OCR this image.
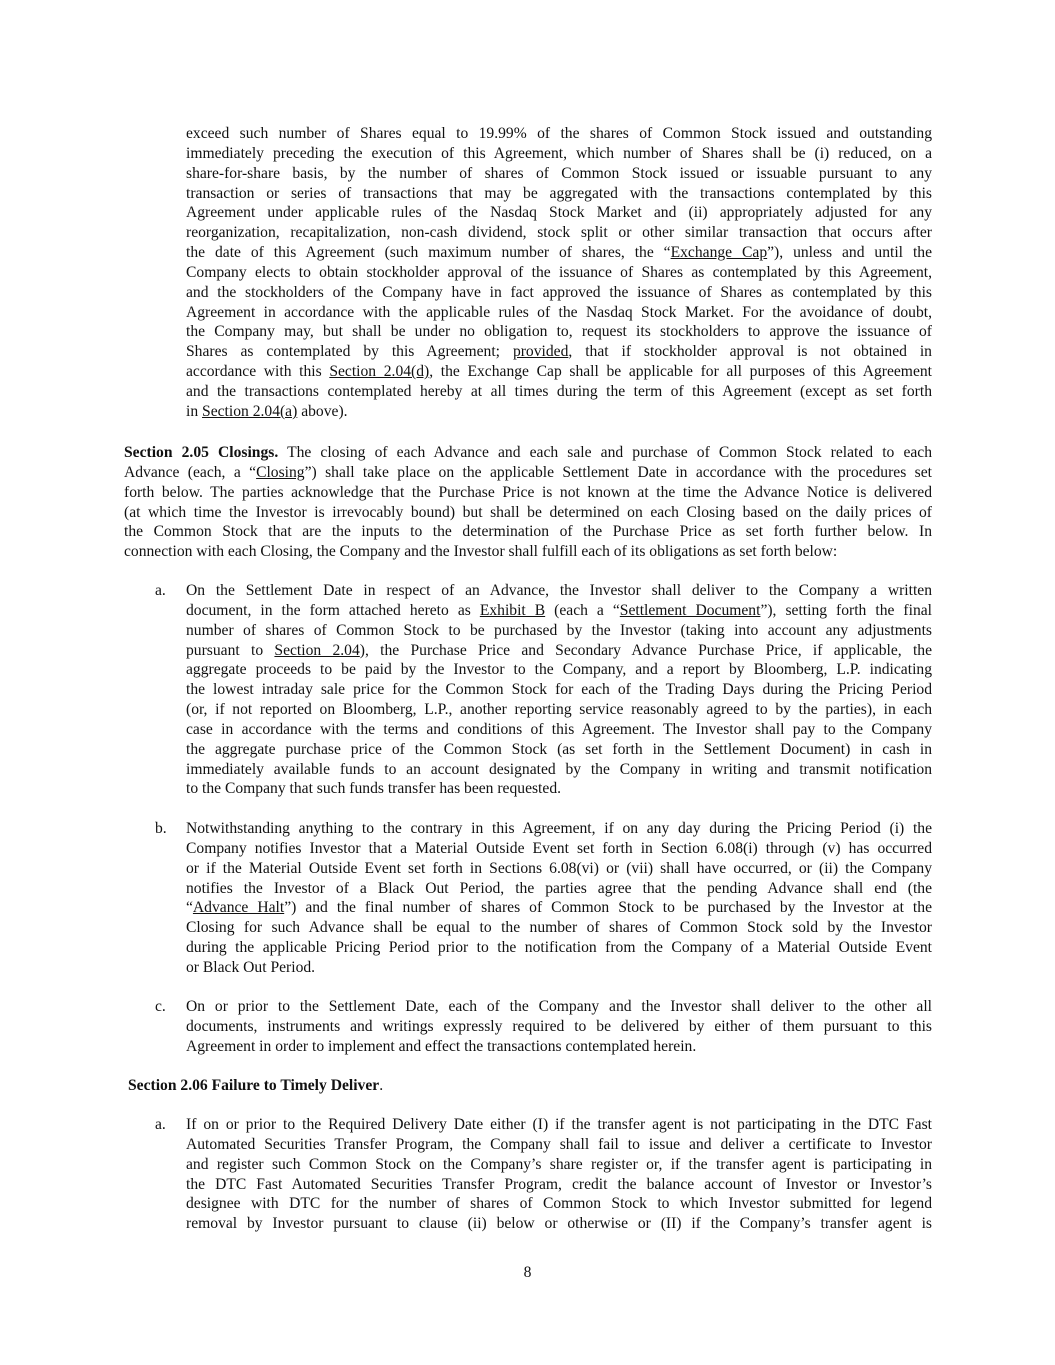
exceed such number of Shares equal to 19.99% of the shares of Common Stock issued and outstanding
immediately preceding the execution of this Agreement, which number of Shares shall be (i) reduced, on a
share-for-share basis, by the number of shares of Common Stock issued or issuable pursuant to any
transaction or series of transactions that may be aggregated with the transactions contemplated by this
Agreement under applicable rules of the Nasdaq Stock Market and (ii) appropriately adjusted for any
reorganization, recapitalization, non-cash dividend, stock split or other similar transaction that occurs after
the date of this Agreement (such maximum number of shares, the “Exchange Cap”), unless and until the
Company elects to obtain stockholder approval of the issuance of Shares as contemplated by this Agreement,
and the stockholders of the Company have in fact approved the issuance of Shares as contemplated by this
Agreement in accordance with the applicable rules of the Nasdaq Stock Market. For the avoidance of doubt,
the Company may, but shall be under no obligation to, request its stockholders to approve the issuance of
Shares as contemplated by this Agreement; provided, that if stockholder approval is not obtained in
accordance with this Section 2.04(d), the Exchange Cap shall be applicable for all purposes of this Agreement
and the transactions contemplated hereby at all times during the term of this Agreement (except as set forth
in Section 2.04(a) above).
Section 2.05 Closings. The closing of each Advance and each sale and purchase of Common Stock related to each
Advance (each, a “Closing”) shall take place on the applicable Settlement Date in accordance with the procedures set
forth below. The parties acknowledge that the Purchase Price is not known at the time the Advance Notice is delivered
(at which time the Investor is irrevocably bound) but shall be determined on each Closing based on the daily prices of
the Common Stock that are the inputs to the determination of the Purchase Price as set forth further below. In
connection with each Closing, the Company and the Investor shall fulfill each of its obligations as set forth below:
a. On the Settlement Date in respect of an Advance, the Investor shall deliver to the Company a written
document, in the form attached hereto as Exhibit B (each a “Settlement Document”), setting forth the final
number of shares of Common Stock to be purchased by the Investor (taking into account any adjustments
pursuant to Section 2.04), the Purchase Price and Secondary Advance Purchase Price, if applicable, the
aggregate proceeds to be paid by the Investor to the Company, and a report by Bloomberg, L.P. indicating
the lowest intraday sale price for the Common Stock for each of the Trading Days during the Pricing Period
(or, if not reported on Bloomberg, L.P., another reporting service reasonably agreed to by the parties), in each
case in accordance with the terms and conditions of this Agreement. The Investor shall pay to the Company
the aggregate purchase price of the Common Stock (as set forth in the Settlement Document) in cash in
immediately available funds to an account designated by the Company in writing and transmit notification
to the Company that such funds transfer has been requested.
b. Notwithstanding anything to the contrary in this Agreement, if on any day during the Pricing Period (i) the
Company notifies Investor that a Material Outside Event set forth in Section 6.08(i) through (v) has occurred
or if the Material Outside Event set forth in Sections 6.08(vi) or (vii) shall have occurred, or (ii) the Company
notifies the Investor of a Black Out Period, the parties agree that the pending Advance shall end (the
“Advance Halt”) and the final number of shares of Common Stock to be purchased by the Investor at the
Closing for such Advance shall be equal to the number of shares of Common Stock sold by the Investor
during the applicable Pricing Period prior to the notification from the Company of a Material Outside Event
or Black Out Period.
c. On or prior to the Settlement Date, each of the Company and the Investor shall deliver to the other all
documents, instruments and writings expressly required to be delivered by either of them pursuant to this
Agreement in order to implement and effect the transactions contemplated herein.
Section 2.06 Failure to Timely Deliver.
a. If on or prior to the Required Delivery Date either (I) if the transfer agent is not participating in the DTC Fast
Automated Securities Transfer Program, the Company shall fail to issue and deliver a certificate to Investor
and register such Common Stock on the Company’s share register or, if the transfer agent is participating in
the DTC Fast Automated Securities Transfer Program, credit the balance account of Investor or Investor’s
designee with DTC for the number of shares of Common Stock to which Investor submitted for legend
removal by Investor pursuant to clause (ii) below or otherwise or (II) if the Company’s transfer agent is
8
